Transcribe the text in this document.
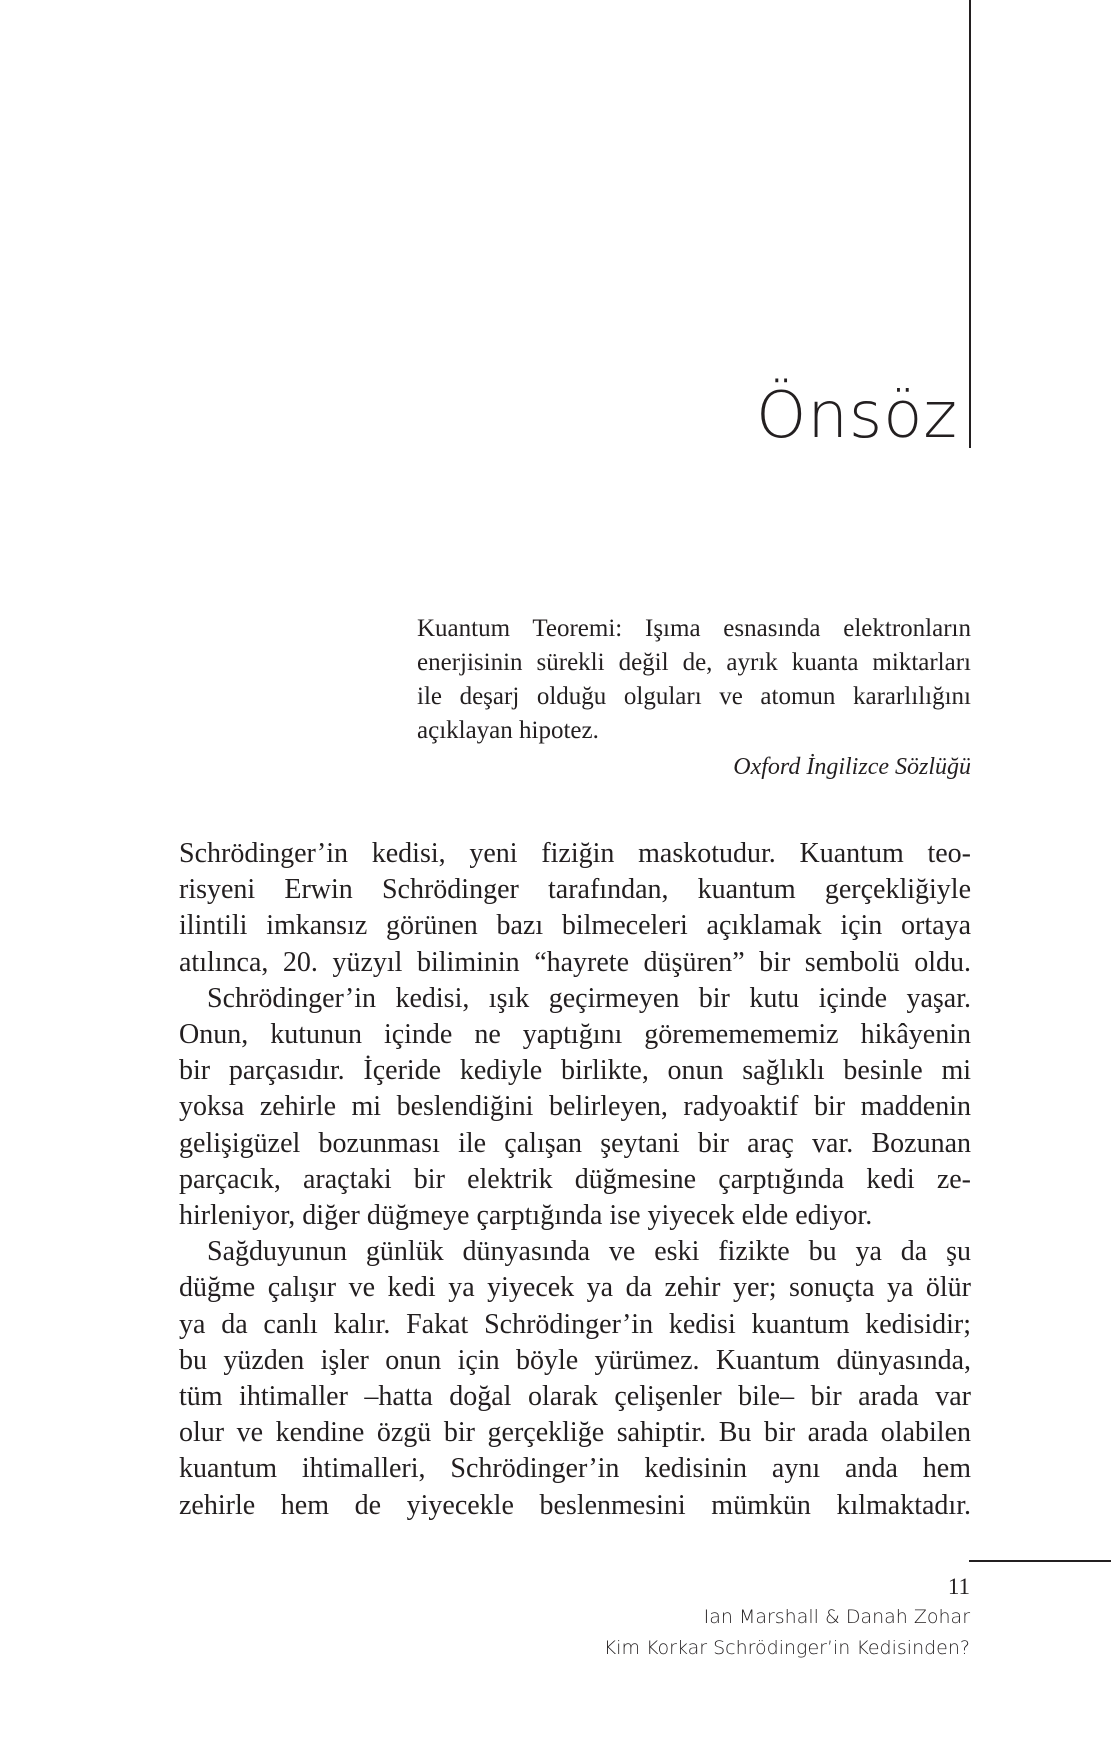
Önsöz
Kuantum Teoremi: Işıma esnasında elektronların
enerjisinin sürekli değil de, ayrık kuanta miktarları
ile deşarj olduğu olguları ve atomun kararlılığını
açıklayan hipotez.
Oxford İngilizce Sözlüğü
Schrödinger’in kedisi, yeni fiziğin maskotudur. Kuantum teo-
risyeni Erwin Schrödinger tarafından, kuantum gerçekliğiyle
ilintili imkansız görünen bazı bilmeceleri açıklamak için ortaya
atılınca, 20. yüzyıl biliminin “hayrete düşüren” bir sembolü oldu.
Schrödinger’in kedisi, ışık geçirmeyen bir kutu içinde yaşar.
Onun, kutunun içinde ne yaptığını görememememiz hikâyenin
bir parçasıdır. İçeride kediyle birlikte, onun sağlıklı besinle mi
yoksa zehirle mi beslendiğini belirleyen, radyoaktif bir maddenin
gelişigüzel bozunması ile çalışan şeytani bir araç var. Bozunan
parçacık, araçtaki bir elektrik düğmesine çarptığında kedi ze-
hirleniyor, diğer düğmeye çarptığında ise yiyecek elde ediyor.
Sağduyunun günlük dünyasında ve eski fizikte bu ya da şu
düğme çalışır ve kedi ya yiyecek ya da zehir yer; sonuçta ya ölür
ya da canlı kalır. Fakat Schrödinger’in kedisi kuantum kedisidir;
bu yüzden işler onun için böyle yürümez. Kuantum dünyasında,
tüm ihtimaller –hatta doğal olarak çelişenler bile– bir arada var
olur ve kendine özgü bir gerçekliğe sahiptir. Bu bir arada olabilen
kuantum ihtimalleri, Schrödinger’in kedisinin aynı anda hem
zehirle hem de yiyecekle beslenmesini mümkün kılmaktadır.
11
Ian Marshall & Danah Zohar
Kim Korkar Schrödinger’in Kedisinden?
